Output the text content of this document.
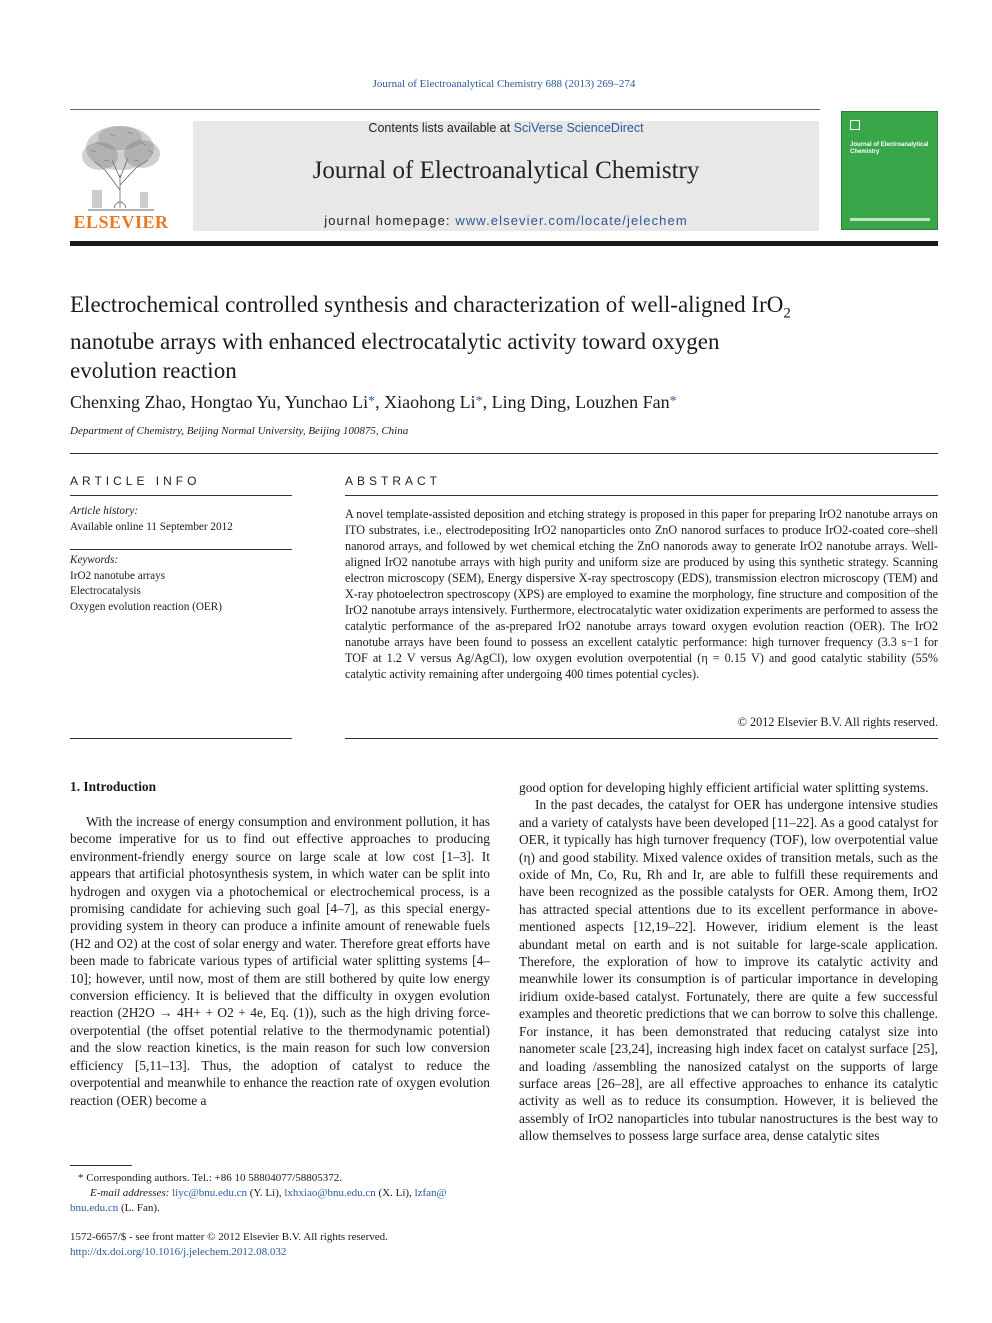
Journal of Electroanalytical Chemistry 688 (2013) 269–274
ELSEVIER
Contents lists available at SciVerse ScienceDirect
Journal of Electroanalytical Chemistry
journal homepage: www.elsevier.com/locate/jelechem
Journal of Electroanalytical Chemistry
Electrochemical controlled synthesis and characterization of well-aligned IrO$_2$
nanotube arrays with enhanced electrocatalytic activity toward oxygen
evolution reaction
Chenxing Zhao, Hongtao Yu, Yunchao Li*, Xiaohong Li*, Ling Ding, Louzhen Fan*
Department of Chemistry, Beijing Normal University, Beijing 100875, China
ARTICLE INFO
Article history:
Available online 11 September 2012
Keywords:
IrO2 nanotube arrays
Electrocatalysis
Oxygen evolution reaction (OER)
ABSTRACT
A novel template-assisted deposition and etching strategy is proposed in this paper for preparing IrO2 nanotube arrays on ITO substrates, i.e., electrodepositing IrO2 nanoparticles onto ZnO nanorod surfaces to produce IrO2-coated core–shell nanorod arrays, and followed by wet chemical etching the ZnO nanorods away to generate IrO2 nanotube arrays. Well-aligned IrO2 nanotube arrays with high purity and uniform size are produced by using this synthetic strategy. Scanning electron microscopy (SEM), Energy dispersive X-ray spectroscopy (EDS), transmission electron microscopy (TEM) and X-ray photoelectron spectroscopy (XPS) are employed to examine the morphology, fine structure and composition of the IrO2 nanotube arrays intensively. Furthermore, electrocatalytic water oxidization experiments are performed to assess the catalytic performance of the as-prepared IrO2 nanotube arrays toward oxygen evolution reaction (OER). The IrO2 nanotube arrays have been found to possess an excellent catalytic performance: high turnover frequency (3.3 s−1 for TOF at 1.2 V versus Ag/AgCl), low oxygen evolution overpotential (η = 0.15 V) and good catalytic stability (55% catalytic activity remaining after undergoing 400 times potential cycles).
© 2012 Elsevier B.V. All rights reserved.
1. Introduction

With the increase of energy consumption and environment pollution, it has become imperative for us to find out effective approaches to producing environment-friendly energy source on large scale at low cost [1–3]. It appears that artificial photosynthesis system, in which water can be split into hydrogen and oxygen via a photochemical or electrochemical process, is a promising candidate for achieving such goal [4–7], as this special energy-providing system in theory can produce a infinite amount of renewable fuels (H2 and O2) at the cost of solar energy and water. Therefore great efforts have been made to fabricate various types of artificial water splitting systems [4–10]; however, until now, most of them are still bothered by quite low energy conversion efficiency. It is believed that the difficulty in oxygen evolution reaction (2H2O → 4H+ + O2 + 4e, Eq. (1)), such as the high driving force-overpotential (the offset potential relative to the thermodynamic potential) and the slow reaction kinetics, is the main reason for such low conversion efficiency [5,11–13]. Thus, the adoption of catalyst to reduce the overpotential and meanwhile to enhance the reaction rate of oxygen evolution reaction (OER) become a

good option for developing highly efficient artificial water splitting systems.

In the past decades, the catalyst for OER has undergone intensive studies and a variety of catalysts have been developed [11–22]. As a good catalyst for OER, it typically has high turnover frequency (TOF), low overpotential value (η) and good stability. Mixed valence oxides of transition metals, such as the oxide of Mn, Co, Ru, Rh and Ir, are able to fulfill these requirements and have been recognized as the possible catalysts for OER. Among them, IrO2 has attracted special attentions due to its excellent performance in above-mentioned aspects [12,19–22]. However, iridium element is the least abundant metal on earth and is not suitable for large-scale application. Therefore, the exploration of how to improve its catalytic activity and meanwhile lower its consumption is of particular importance in developing iridium oxide-based catalyst. Fortunately, there are quite a few successful examples and theoretic predictions that we can borrow to solve this challenge. For instance, it has been demonstrated that reducing catalyst size into nanometer scale [23,24], increasing high index facet on catalyst surface [25], and loading /assembling the nanosized catalyst on the supports of large surface areas [26–28], are all effective approaches to enhance its catalytic activity as well as to reduce its consumption. However, it is believed the assembly of IrO2 nanoparticles into tubular nanostructures is the best way to allow themselves to possess large surface area, dense catalytic sites

* Corresponding authors. Tel.: +86 10 58804077/58805372.
E-mail addresses: liyc@bnu.edu.cn (Y. Li), lxhxiao@bnu.edu.cn (X. Li), lzfan@
bnu.edu.cn (L. Fan).
1572-6657/$ - see front matter © 2012 Elsevier B.V. All rights reserved.
http://dx.doi.org/10.1016/j.jelechem.2012.08.032
